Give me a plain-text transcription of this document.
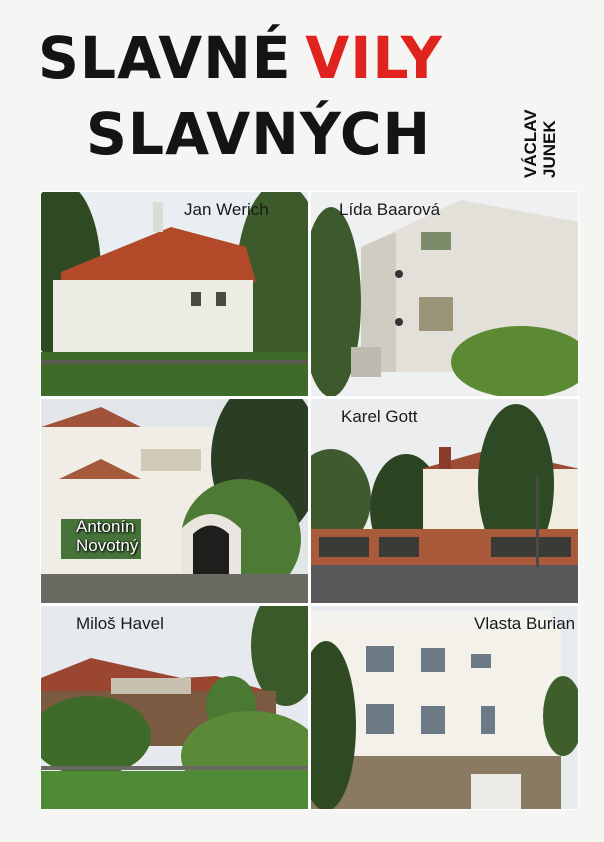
SLAVNÉ VILY
SLAVNÝCH	VÁCLAV JUNEK
Jan Werich	Lída Baarová
Antonín
Novotný
Karel Gott
Miloš Havel	Vlasta Burian
